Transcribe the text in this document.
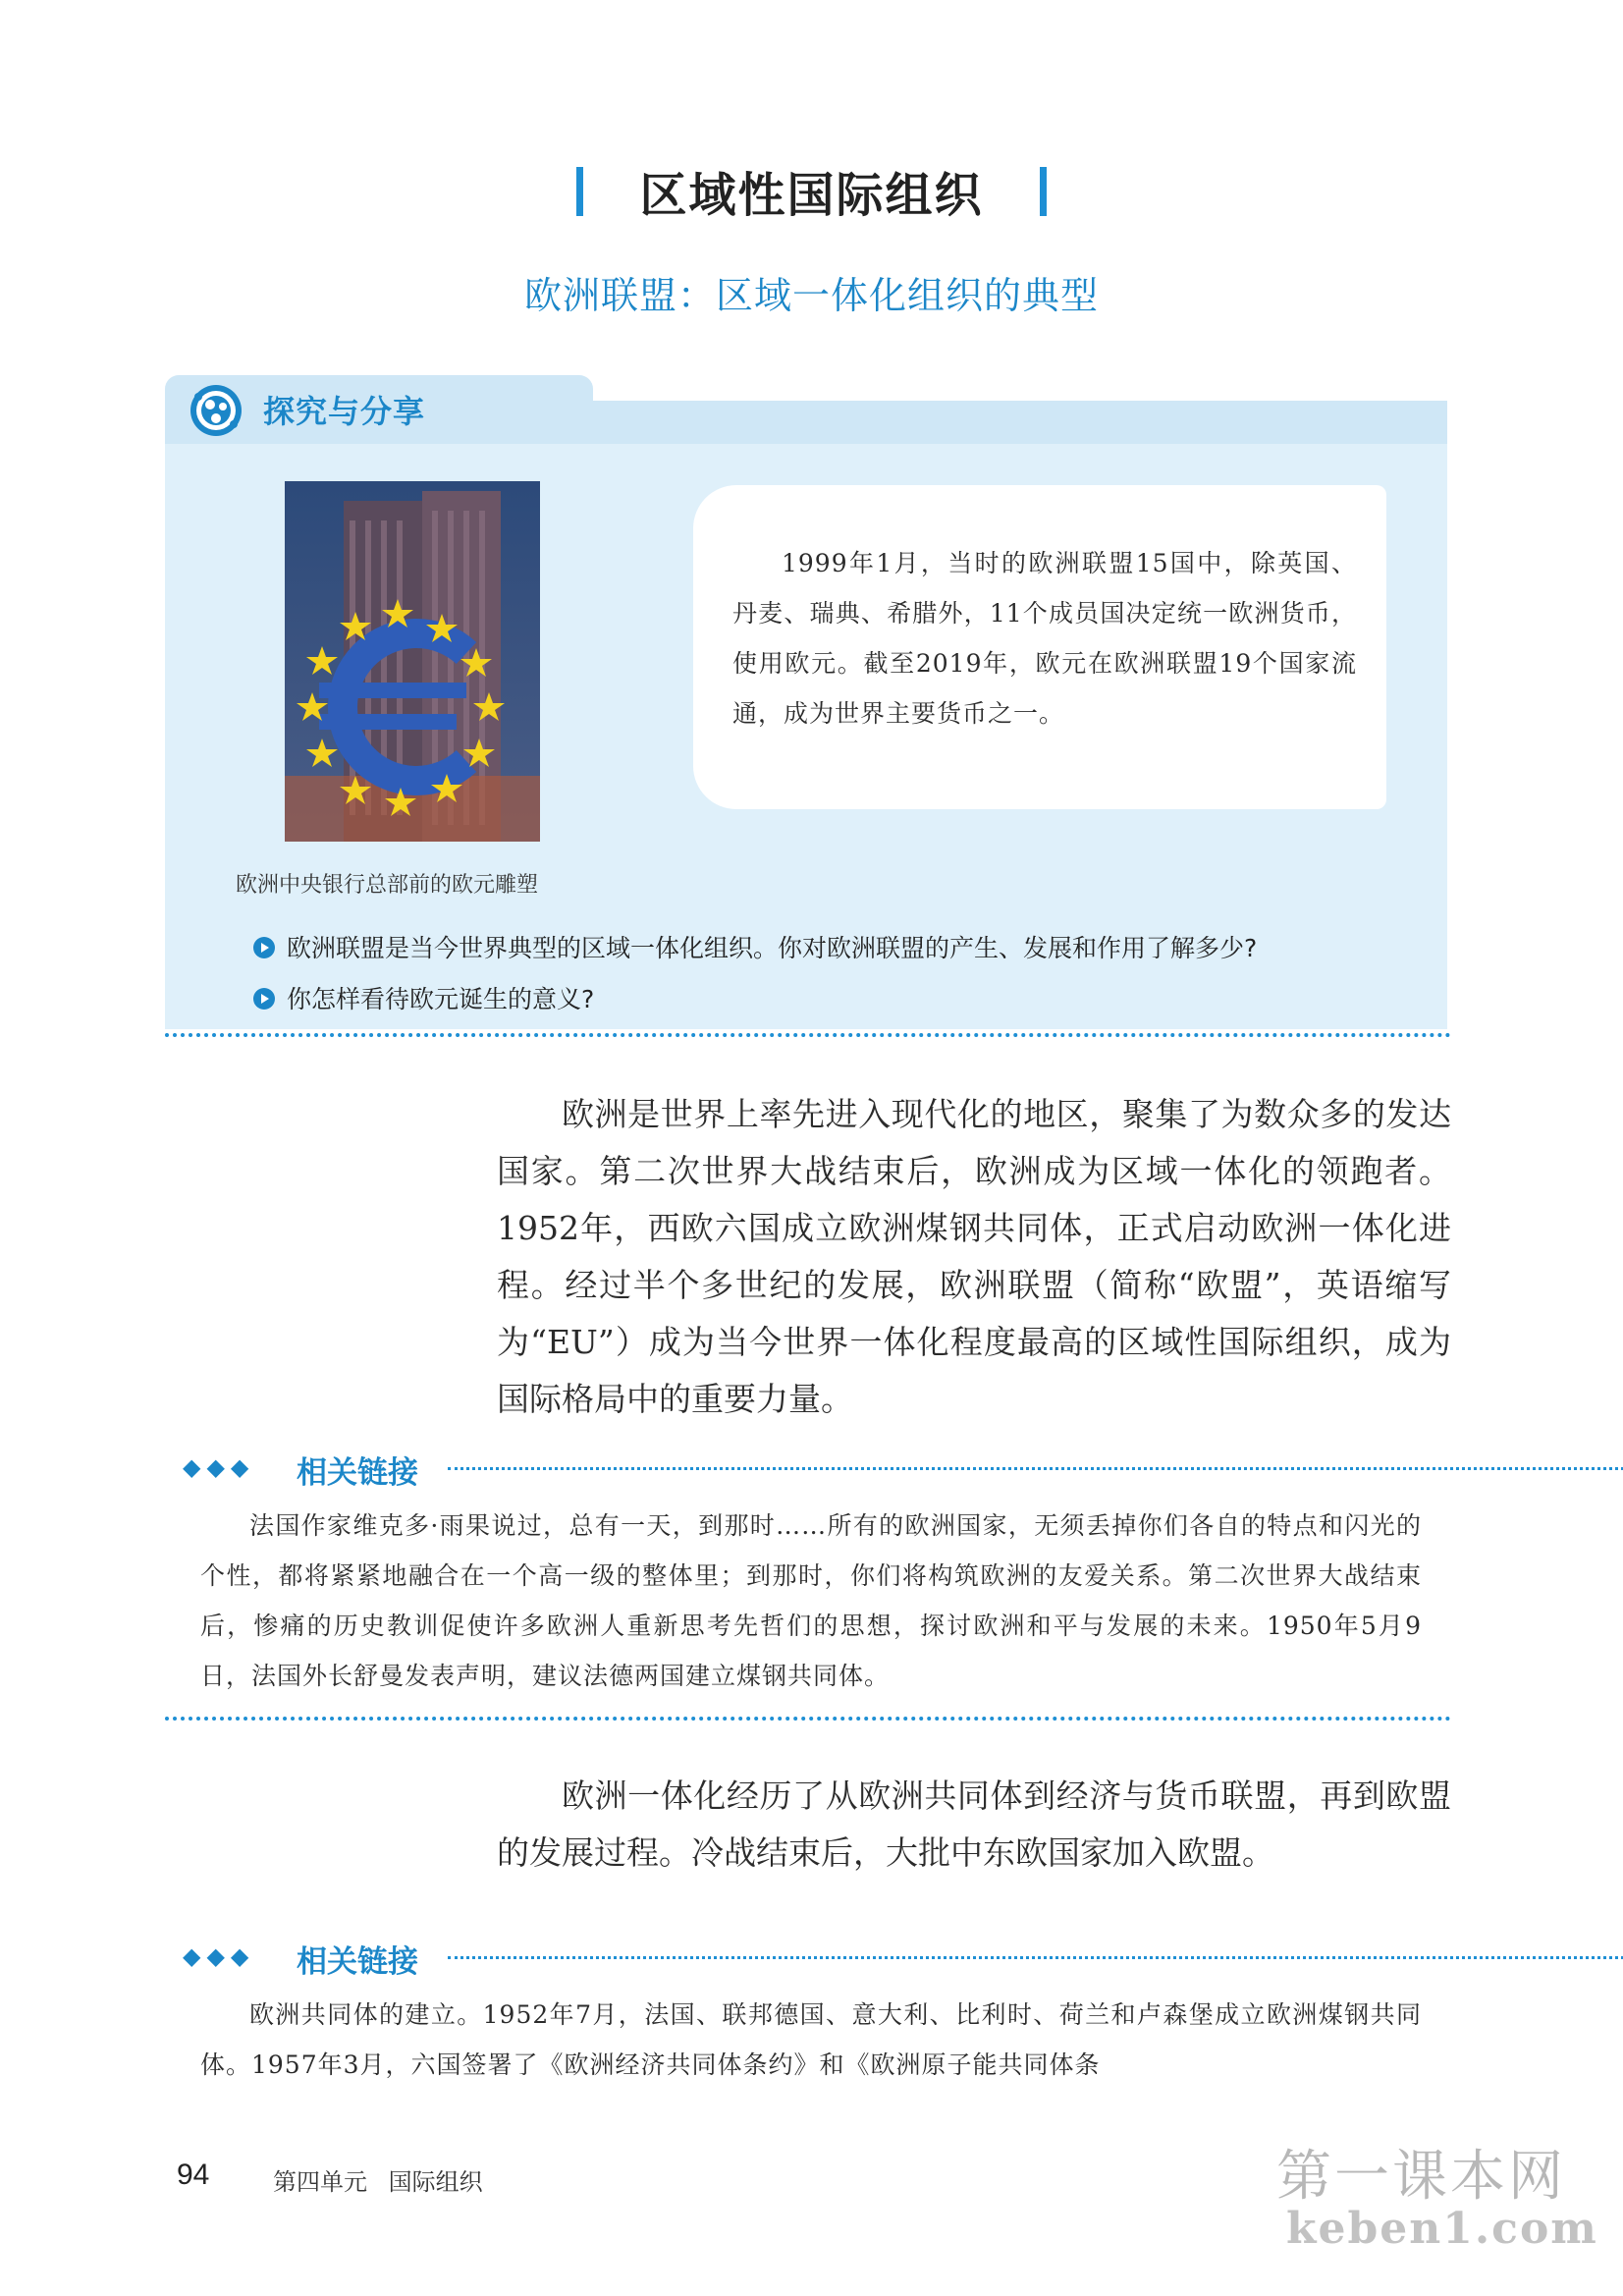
区域性国际组织
欧洲联盟：区域一体化组织的典型
探究与分享
欧洲中央银行总部前的欧元雕塑
1999年1月，当时的欧洲联盟15国中，除英国、丹麦、瑞典、希腊外，11个成员国决定统一欧洲货币，使用欧元。截至2019年，欧元在欧洲联盟19个国家流通，成为世界主要货币之一。
欧洲联盟是当今世界典型的区域一体化组织。你对欧洲联盟的产生、发展和作用了解多少?
你怎样看待欧元诞生的意义?
欧洲是世界上率先进入现代化的地区，聚集了为数众多的发达国家。第二次世界大战结束后，欧洲成为区域一体化的领跑者。1952年，西欧六国成立欧洲煤钢共同体，正式启动欧洲一体化进程。经过半个多世纪的发展，欧洲联盟（简称“欧盟”，英语缩写为“EU”）成为当今世界一体化程度最高的区域性国际组织，成为国际格局中的重要力量。
◆◆◆ 相关链接
法国作家维克多·雨果说过，总有一天，到那时……所有的欧洲国家，无须丢掉你们各自的特点和闪光的个性，都将紧紧地融合在一个高一级的整体里；到那时，你们将构筑欧洲的友爱关系。第二次世界大战结束后，惨痛的历史教训促使许多欧洲人重新思考先哲们的思想，探讨欧洲和平与发展的未来。1950年5月9日，法国外长舒曼发表声明，建议法德两国建立煤钢共同体。
欧洲一体化经历了从欧洲共同体到经济与货币联盟，再到欧盟的发展过程。冷战结束后，大批中东欧国家加入欧盟。
◆◆◆ 相关链接
欧洲共同体的建立。1952年7月，法国、联邦德国、意大利、比利时、荷兰和卢森堡成立欧洲煤钢共同体。1957年3月，六国签署了《欧洲经济共同体条约》和《欧洲原子能共同体条
94	第四单元 国际组织	第一课本网
keben1.com
